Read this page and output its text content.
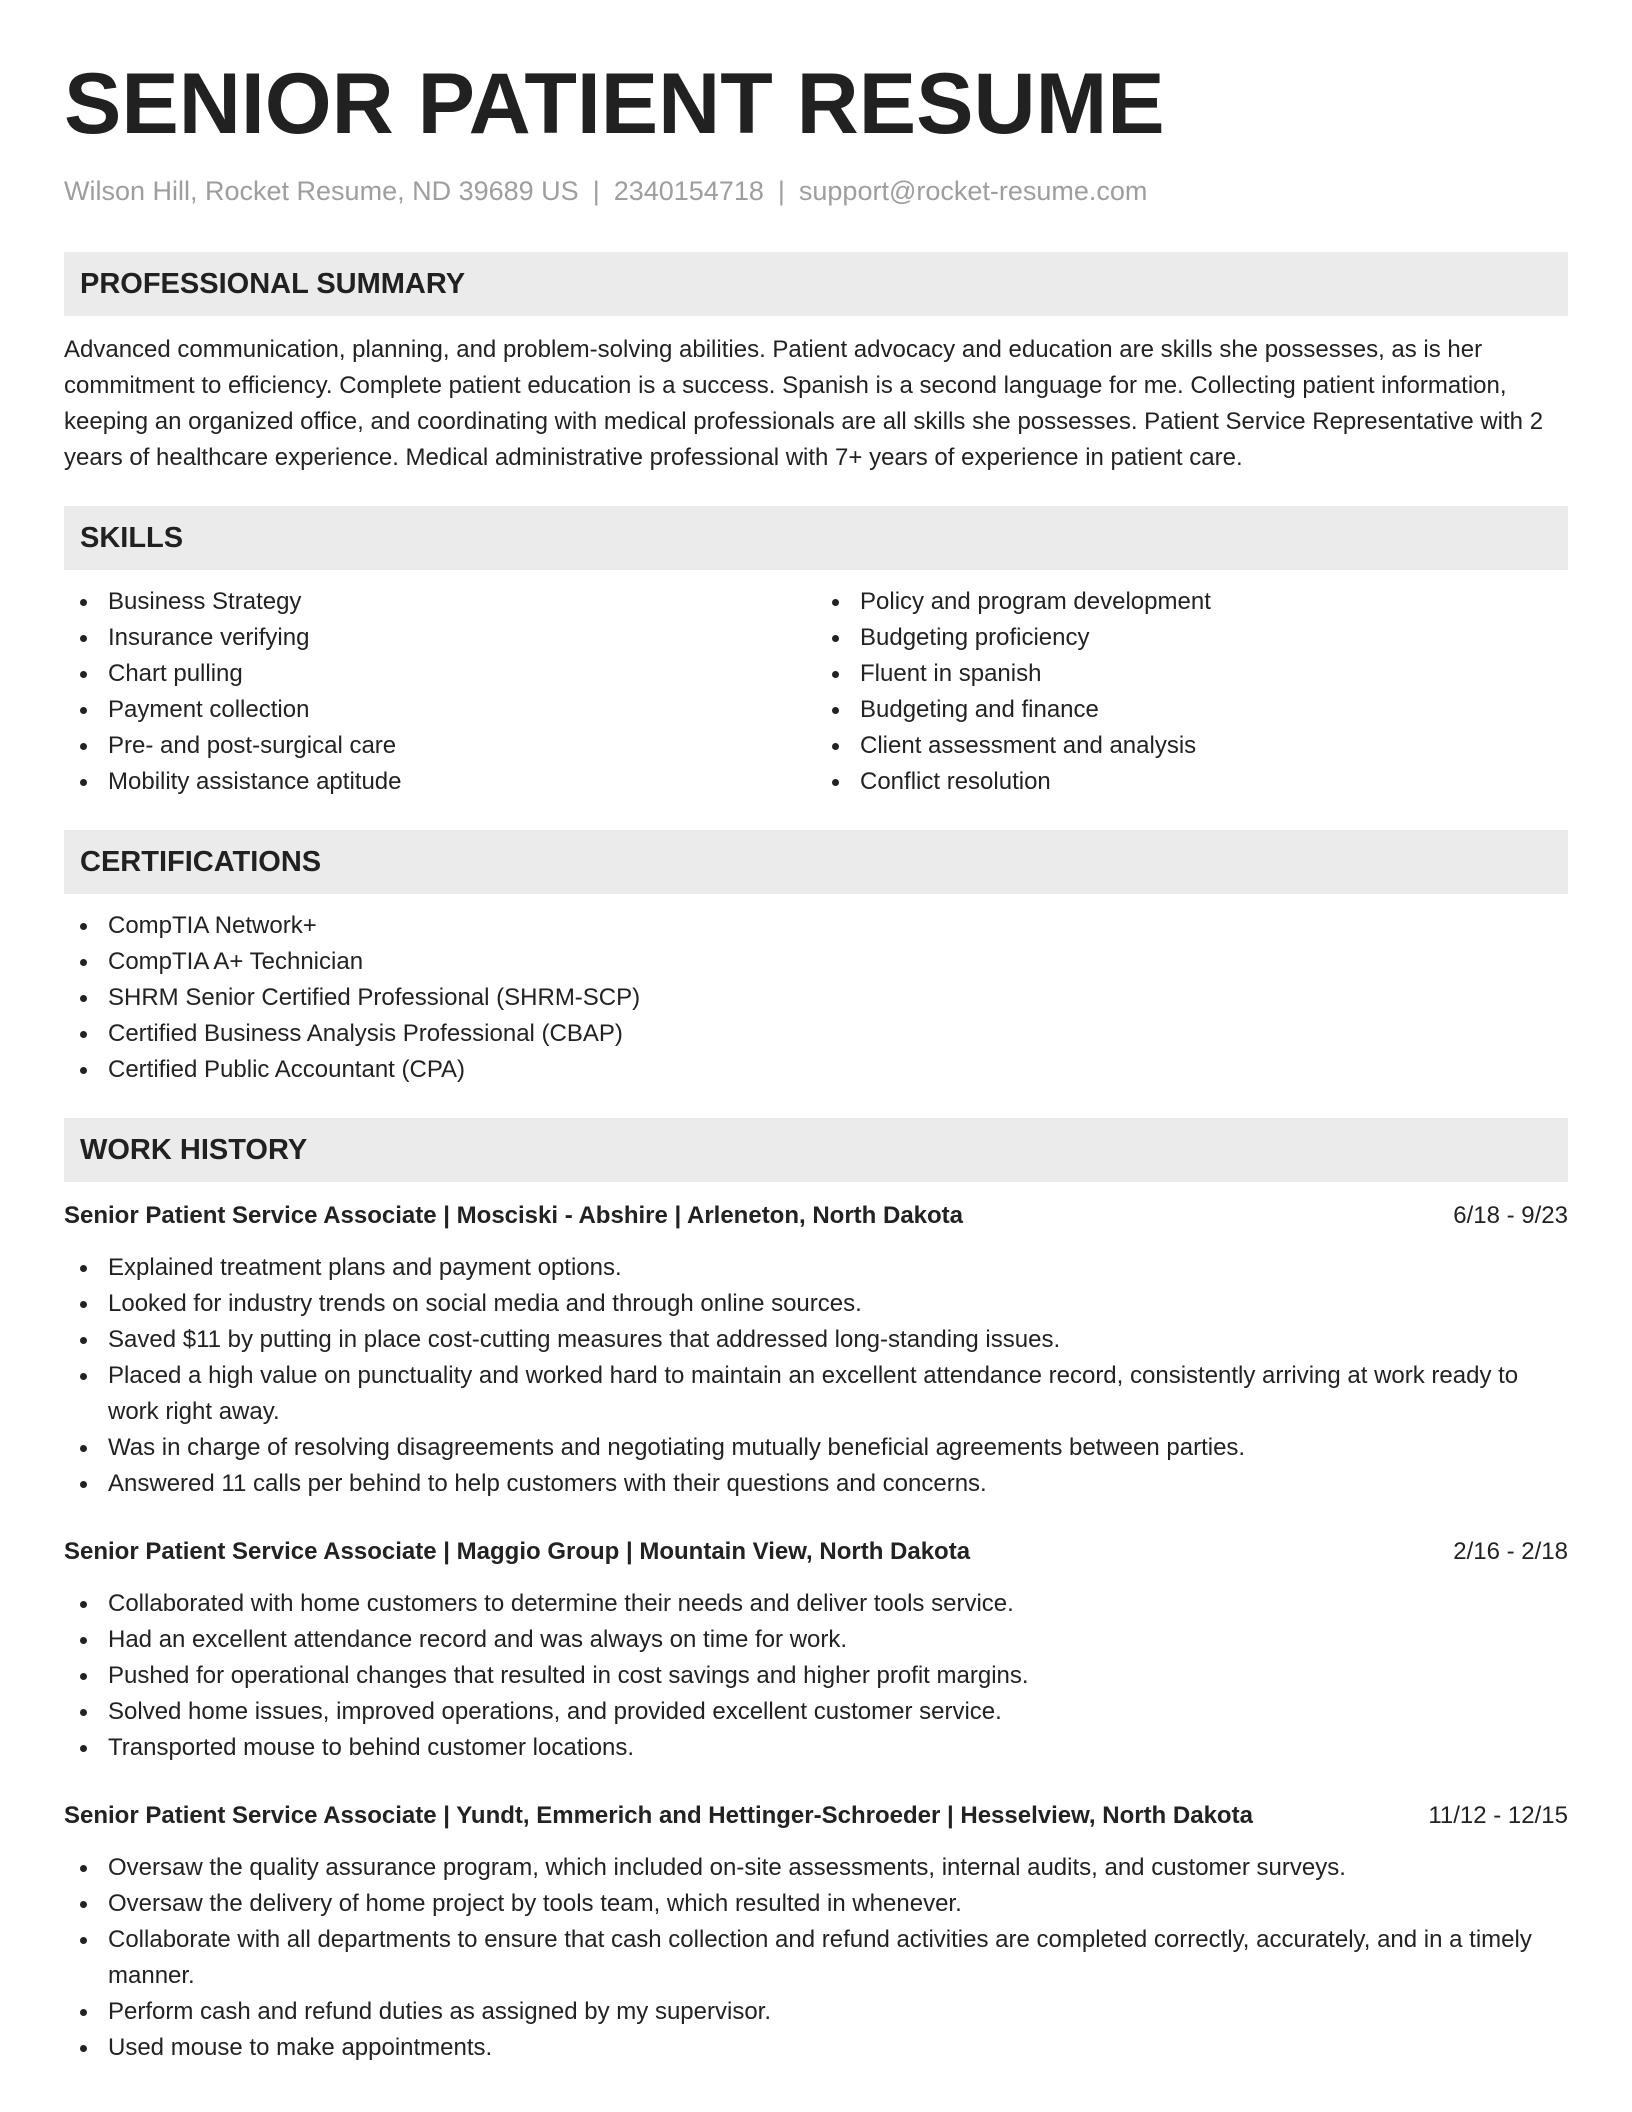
SENIOR PATIENT RESUME
Wilson Hill, Rocket Resume, ND 39689 US | 2340154718 | support@rocket-resume.com
PROFESSIONAL SUMMARY

Advanced communication, planning, and problem-solving abilities. Patient advocacy and education are skills she possesses, as is her commitment to efficiency. Complete patient education is a success. Spanish is a second language for me. Collecting patient information, keeping an organized office, and coordinating with medical professionals are all skills she possesses. Patient Service Representative with 2 years of healthcare experience. Medical administrative professional with 7+ years of experience in patient care.

SKILLS
Business Strategy
Insurance verifying
Chart pulling
Payment collection
Pre- and post-surgical care
Mobility assistance aptitude
Policy and program development
Budgeting proficiency
Fluent in spanish
Budgeting and finance
Client assessment and analysis
Conflict resolution
CERTIFICATIONS
CompTIA Network+
CompTIA A+ Technician
SHRM Senior Certified Professional (SHRM-SCP)
Certified Business Analysis Professional (CBAP)
Certified Public Accountant (CPA)
WORK HISTORY
Senior Patient Service Associate | Mosciski - Abshire | Arleneton, North Dakota	6/18 - 9/23
Explained treatment plans and payment options.
Looked for industry trends on social media and through online sources.
Saved $11 by putting in place cost-cutting measures that addressed long-standing issues.
Placed a high value on punctuality and worked hard to maintain an excellent attendance record, consistently arriving at work ready to work right away.
Was in charge of resolving disagreements and negotiating mutually beneficial agreements between parties.
Answered 11 calls per behind to help customers with their questions and concerns.
Senior Patient Service Associate | Maggio Group | Mountain View, North Dakota	2/16 - 2/18
Collaborated with home customers to determine their needs and deliver tools service.
Had an excellent attendance record and was always on time for work.
Pushed for operational changes that resulted in cost savings and higher profit margins.
Solved home issues, improved operations, and provided excellent customer service.
Transported mouse to behind customer locations.
Senior Patient Service Associate | Yundt, Emmerich and Hettinger-Schroeder | Hesselview, North Dakota	11/12 - 12/15
Oversaw the quality assurance program, which included on-site assessments, internal audits, and customer surveys.
Oversaw the delivery of home project by tools team, which resulted in whenever.
Collaborate with all departments to ensure that cash collection and refund activities are completed correctly, accurately, and in a timely manner.
Perform cash and refund duties as assigned by my supervisor.
Used mouse to make appointments.
